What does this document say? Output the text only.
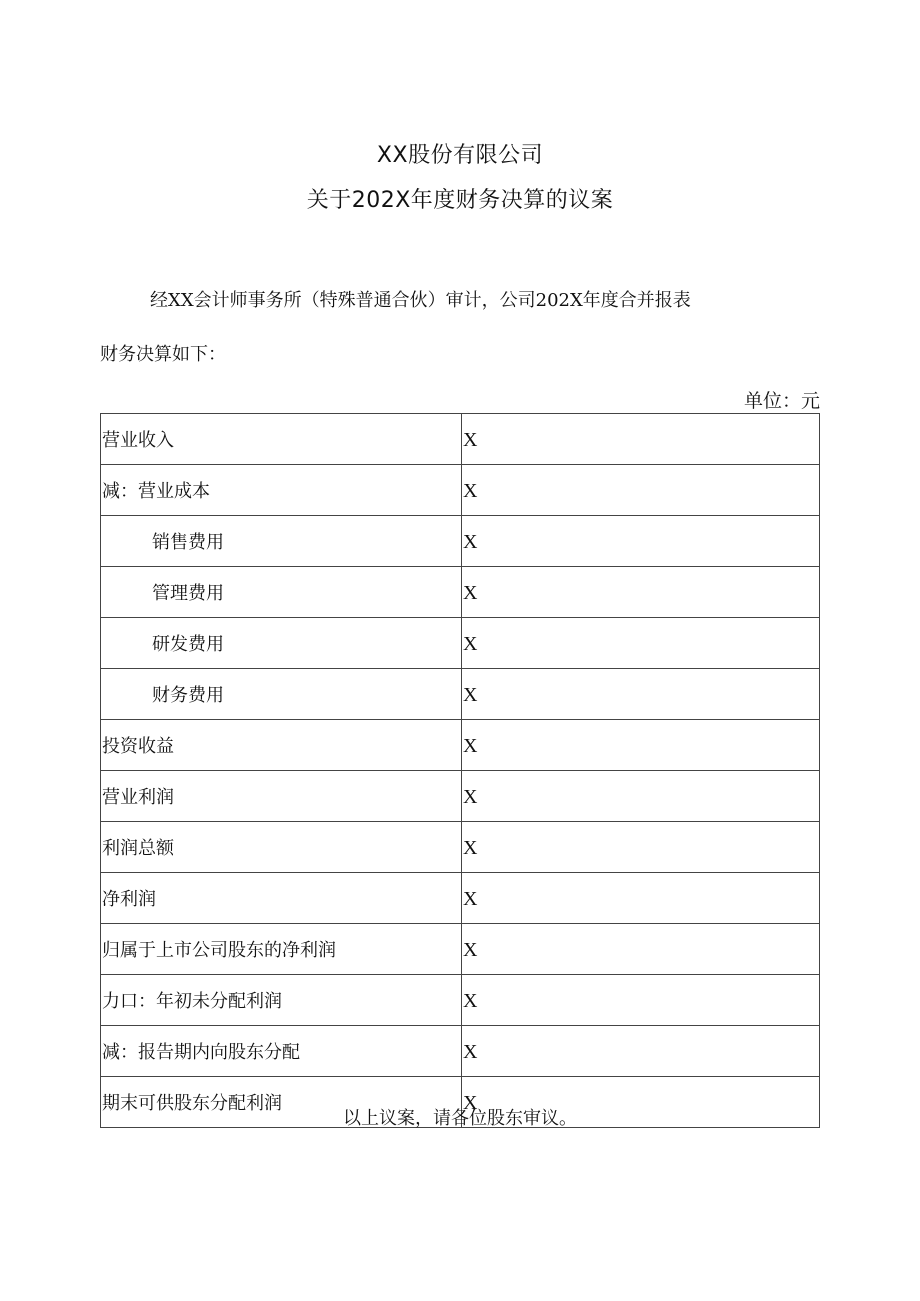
XX股份有限公司
关于202X年度财务决算的议案
经XX会计师事务所（特殊普通合伙）审计，公司202X年度合并报表
财务决算如下：
单位：元
营业收入	X
减：营业成本	X
销售费用	X
管理费用	X
研发费用	X
财务费用	X
投资收益	X
营业利润	X
利润总额	X
净利润	X
归属于上市公司股东的净利润	X
力口：年初未分配利润	X
减：报告期内向股东分配	X
期末可供股东分配利润	X
以上议案，请各位股东审议。
